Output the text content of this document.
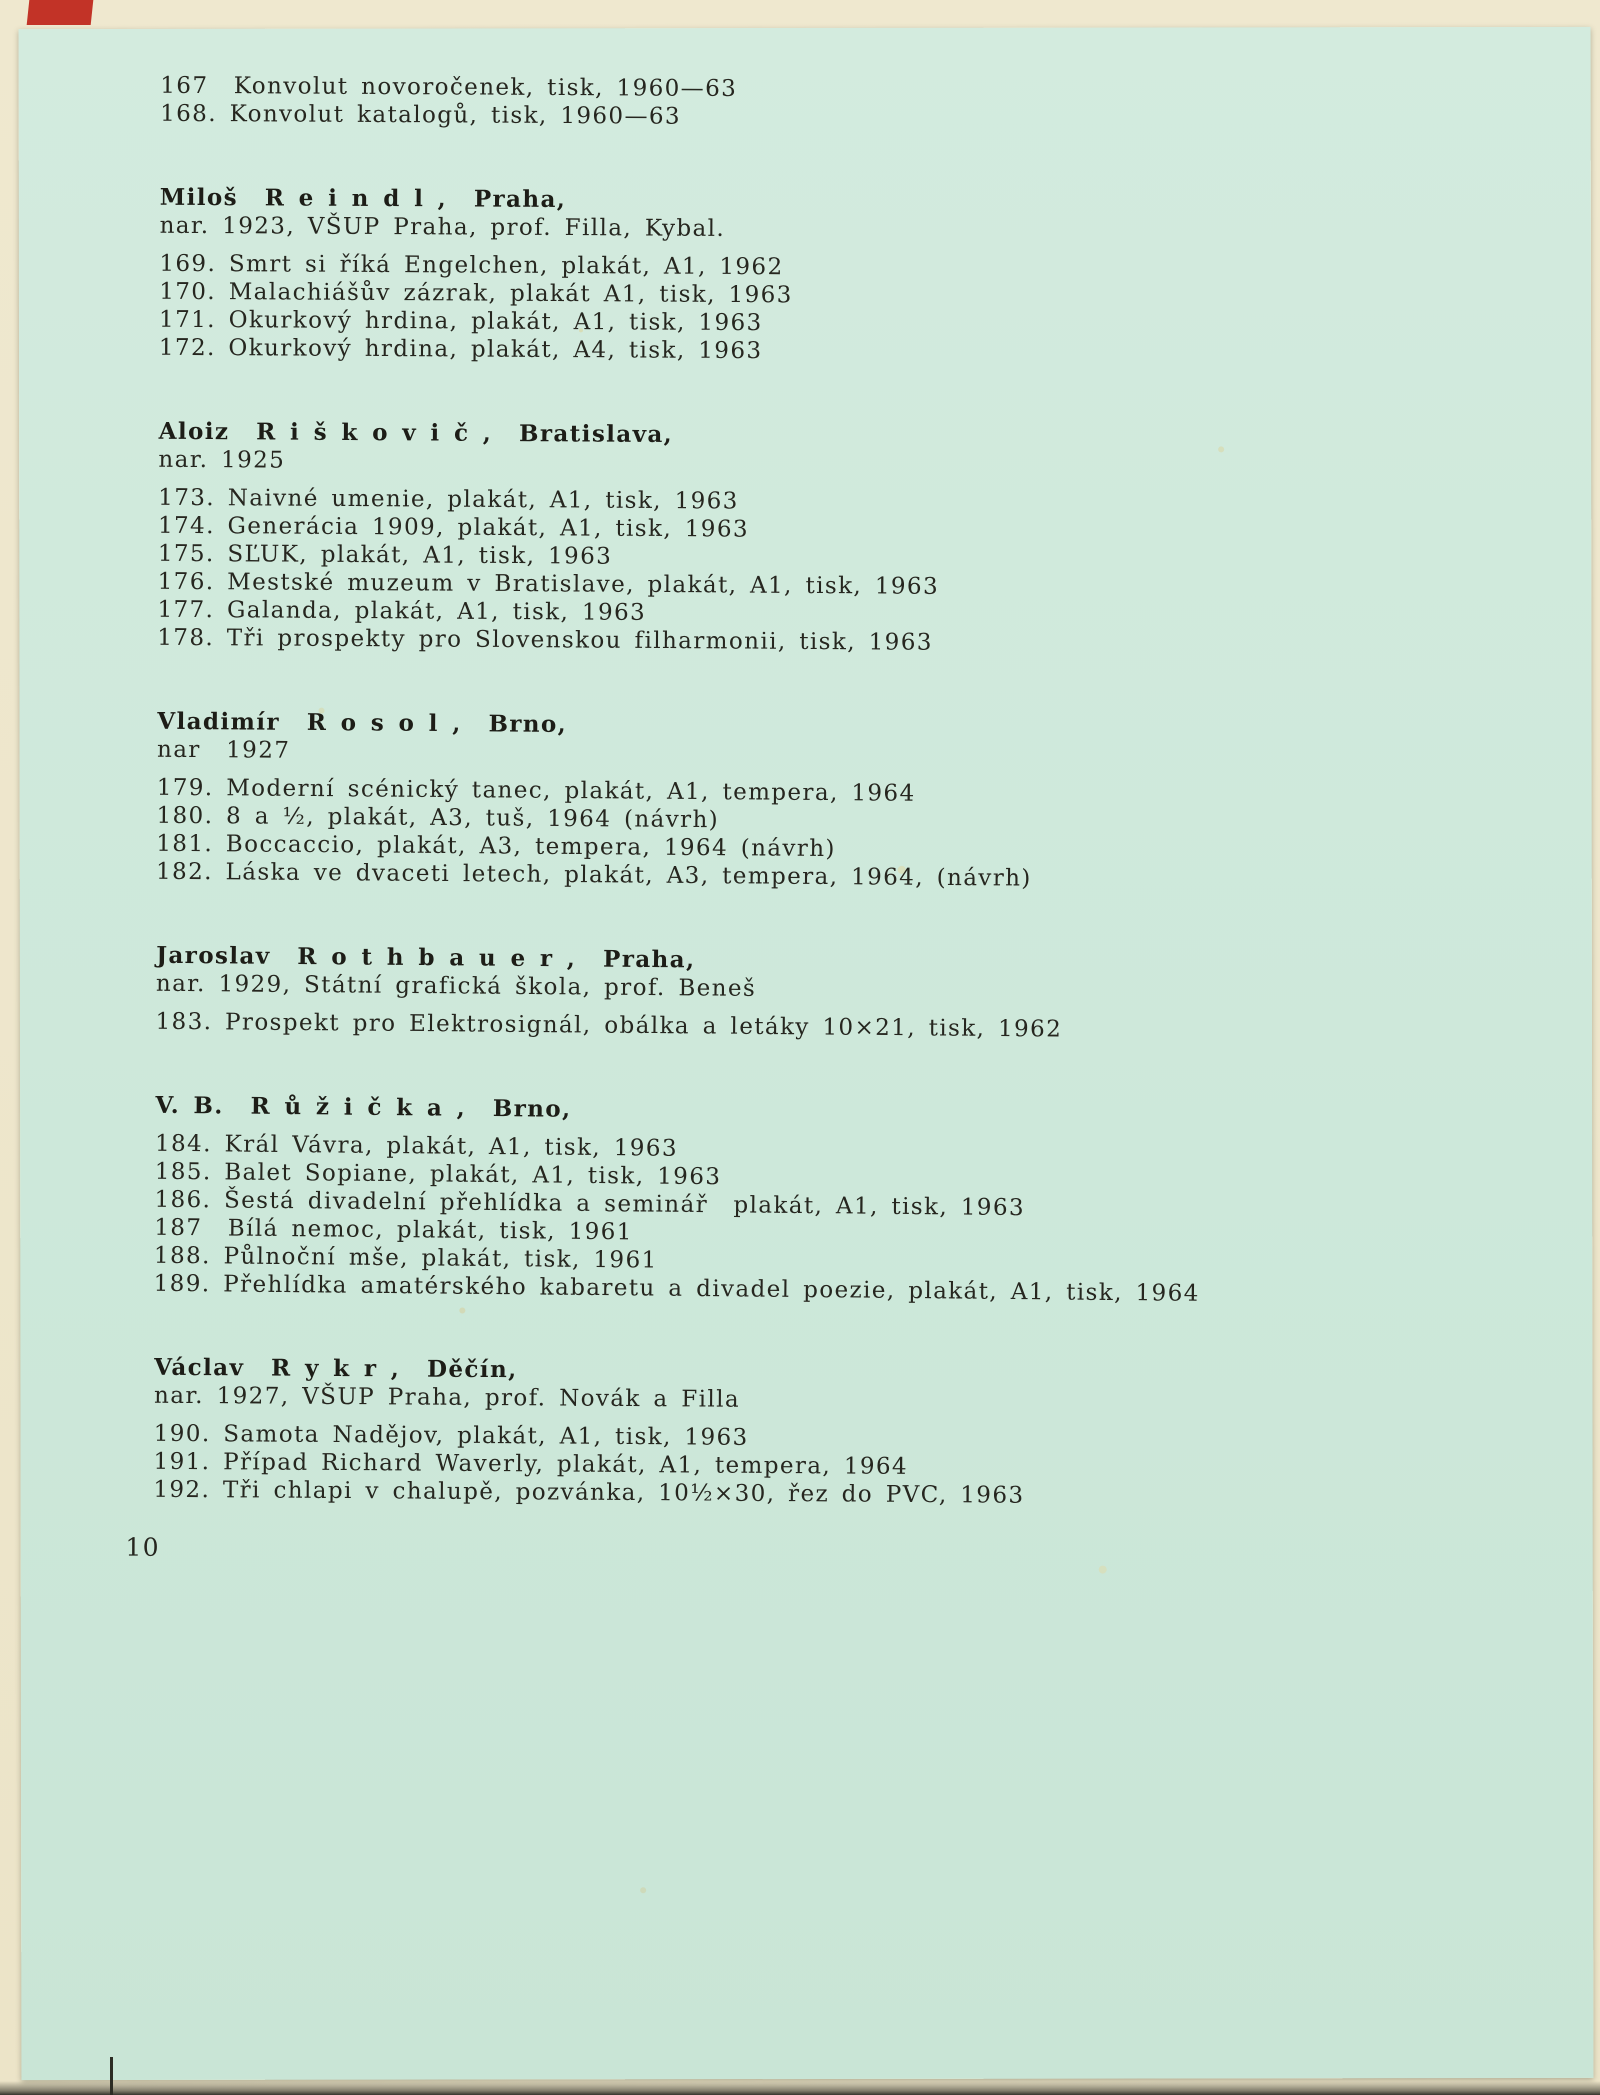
167  Konvolut novoročenek, tisk, 1960—63

168. Konvolut katalogů, tisk, 1960—63

Miloš  R e i n d l ,  Praha,

nar. 1923, VŠUP Praha, prof. Filla, Kybal.

169. Smrt si říká Engelchen, plakát, A1, 1962

170. Malachiášův zázrak, plakát A1, tisk, 1963

171. Okurkový hrdina, plakát, A1, tisk, 1963

172. Okurkový hrdina, plakát, A4, tisk, 1963

Aloiz  R i š k o v i č ,  Bratislava,

nar. 1925

173. Naivné umenie, plakát, A1, tisk, 1963

174. Generácia 1909, plakát, A1, tisk, 1963

175. SĽUK, plakát, A1, tisk, 1963

176. Mestské muzeum v Bratislave, plakát, A1, tisk, 1963

177. Galanda, plakát, A1, tisk, 1963

178. Tři prospekty pro Slovenskou filharmonii, tisk, 1963

Vladimír  R o s o l ,  Brno,

nar  1927

179. Moderní scénický tanec, plakát, A1, tempera, 1964

180. 8 a ½, plakát, A3, tuš, 1964 (návrh)

181. Boccaccio, plakát, A3, tempera, 1964 (návrh)

182. Láska ve dvaceti letech, plakát, A3, tempera, 1964, (návrh)

Jaroslav  R o t h b a u e r ,  Praha,

nar. 1929, Státní grafická škola, prof. Beneš

183. Prospekt pro Elektrosignál, obálka a letáky 10×21, tisk, 1962

V. B.  R ů ž i č k a ,  Brno,

184. Král Vávra, plakát, A1, tisk, 1963

185. Balet Sopiane, plakát, A1, tisk, 1963

186. Šestá divadelní přehlídka a seminář  plakát, A1, tisk, 1963

187  Bílá nemoc, plakát, tisk, 1961

188. Půlnoční mše, plakát, tisk, 1961

189. Přehlídka amatérského kabaretu a divadel poezie, plakát, A1, tisk, 1964

Václav  R y k r ,  Děčín,

nar. 1927, VŠUP Praha, prof. Novák a Filla

190. Samota Nadějov, plakát, A1, tisk, 1963

191. Případ Richard Waverly, plakát, A1, tempera, 1964

192. Tři chlapi v chalupě, pozvánka, 10½×30, řez do PVC, 1963

10
